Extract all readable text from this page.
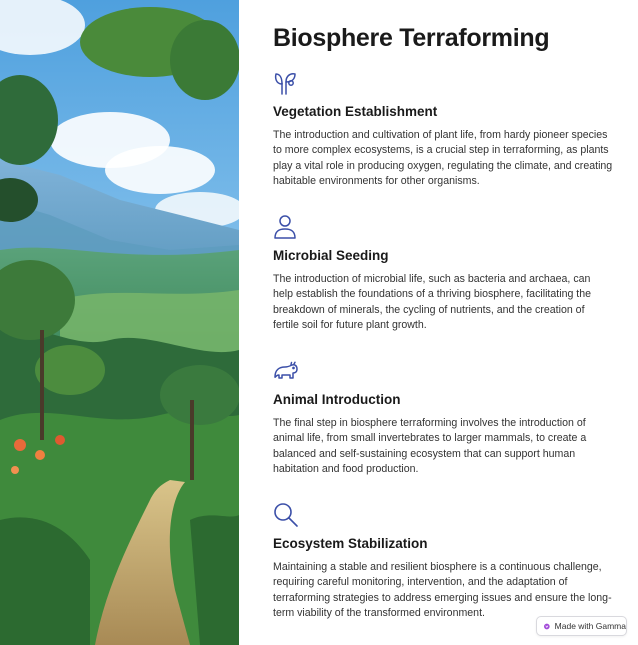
Biosphere Terraforming
Vegetation Establishment

The introduction and cultivation of plant life, from hardy pioneer species to more complex ecosystems, is a crucial step in terraforming, as plants play a vital role in producing oxygen, regulating the climate, and creating habitable environments for other organisms.

Microbial Seeding

The introduction of microbial life, such as bacteria and archaea, can help establish the foundations of a thriving biosphere, facilitating the breakdown of minerals, the cycling of nutrients, and the creation of fertile soil for future plant growth.

Animal Introduction

The final step in biosphere terraforming involves the introduction of animal life, from small invertebrates to larger mammals, to create a balanced and self-sustaining ecosystem that can support human habitation and food production.

Ecosystem Stabilization

Maintaining a stable and resilient biosphere is a continuous challenge, requiring careful monitoring, intervention, and the adaptation of terraforming strategies to address emerging issues and ensure the long-term viability of the transformed environment.

Made with Gamma
